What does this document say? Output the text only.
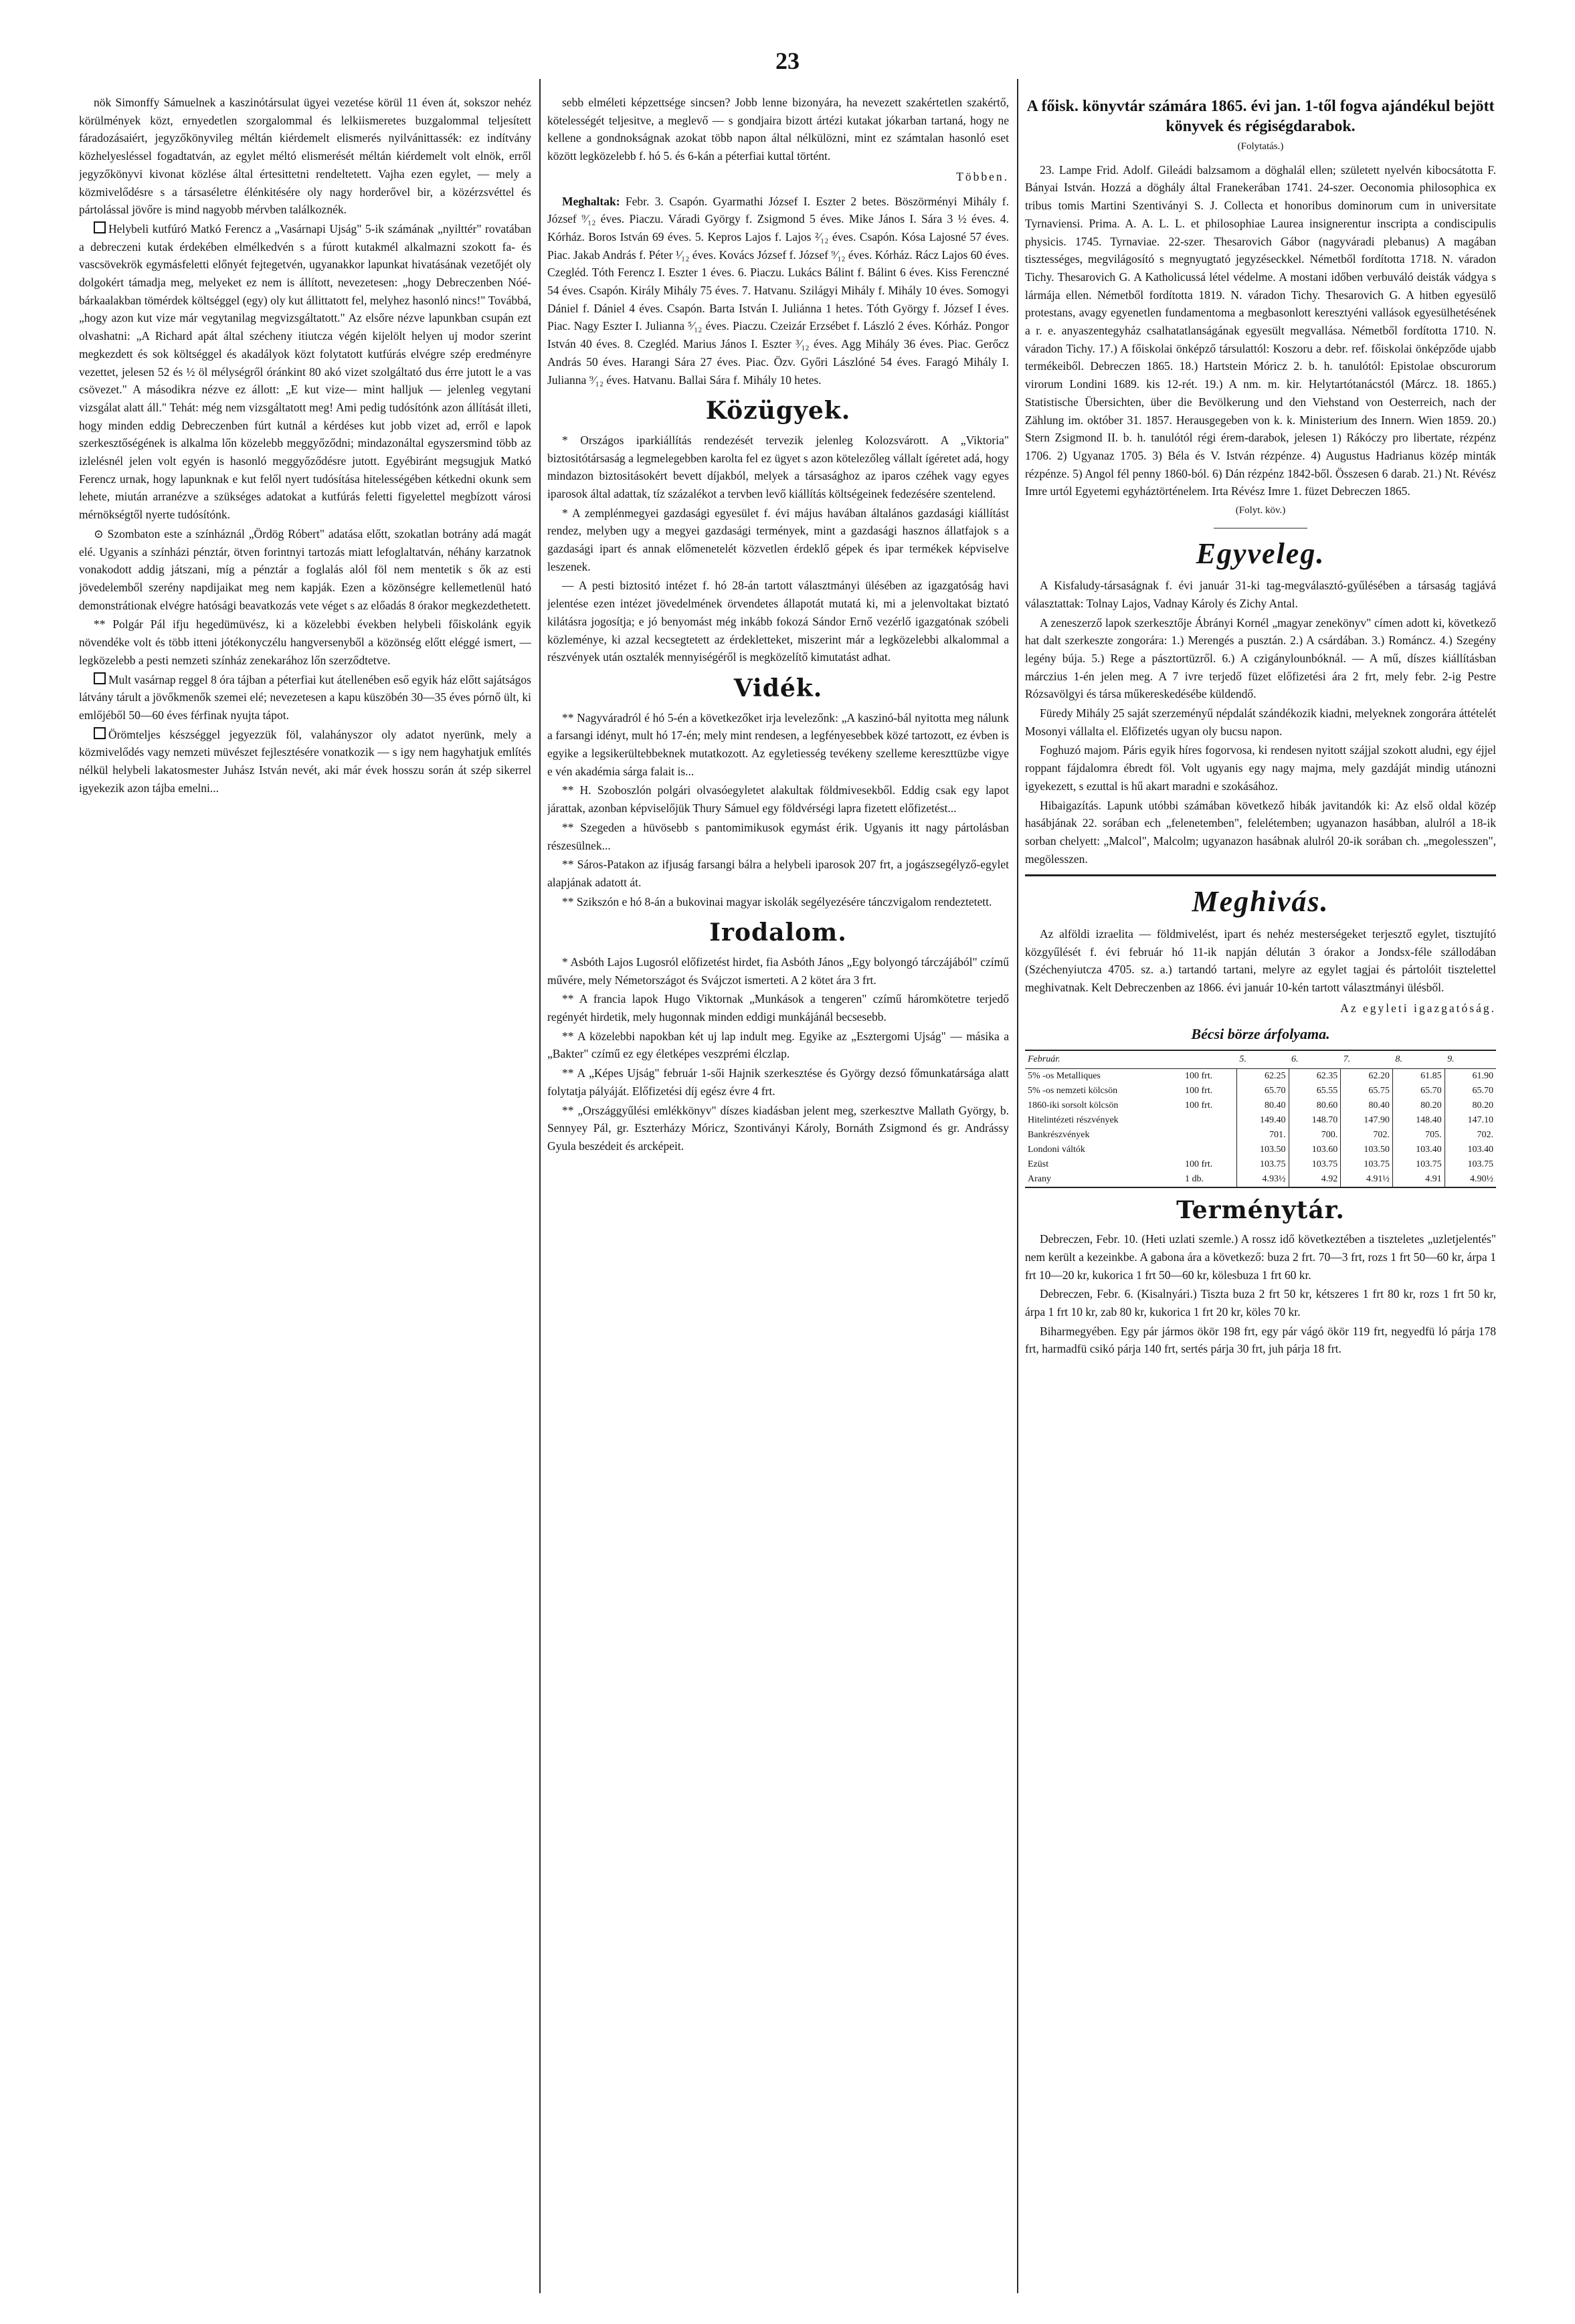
23

nök Simonffy Sámuelnek a kaszinótársulat ügyei vezetése körül 11 éven át, sokszor nehéz körülmények közt, ernyedetlen szorgalommal és lelkiismeretes buzgalommal teljesített fáradozásaiért, jegyzőkönyvileg méltán kiérdemelt elismerés nyilvánittassék: ez indítvány közhelyesléssel fogadtatván, az egylet méltó elismerését méltán kiérdemelt volt elnök, erről jegyzőkönyvi kivonat közlése által értesittetni rendeltetett. Vajha ezen egylet, — mely a közmivelődésre s a társaséletre élénkitésére oly nagy horderővel bir, a közérzsvéttel és pártolással jövőre is mind nagyobb mérvben találkoznék.

Helybeli kutfúró Matkó Ferencz a „Vasárnapi Ujság" 5-ik számának „nyilttér" rovatában a debreczeni kutak érdekében elmélkedvén s a fúrott kutakmél alkalmazni szokott fa- és vascsövekrök egymásfeletti előnyét fejtegetvén, ugyanakkor lapunkat hivatásának vezetőjét oly dolgokért támadja meg, melyeket ez nem is állított, nevezetesen: „hogy Debreczenben Nóé-bárkaalakban tömérdek költséggel (egy) oly kut állittatott fel, melyhez hasonló nincs!" Továbbá, „hogy azon kut vize már vegytanilag megvizsgáltatott." Az elsőre nézve lapunkban csupán ezt olvashatni: „A Richard apát által szécheny itiutcza végén kijelölt helyen uj modor szerint megkezdett és sok költséggel és akadályok közt folytatott kutfúrás elvégre szép eredményre vezettet, jelesen 52 és ½ öl mélységről óránkint 80 akó vizet szolgáltató dus érre jutott le a vas csövezet." A másodikra nézve ez állott: „E kut vize— mint halljuk — jelenleg vegytani vizsgálat alatt áll." Tehát: még nem vizsgáltatott meg! Ami pedig tudósítónk azon állítását illeti, hogy minden eddig Debreczenben fúrt kutnál a kérdéses kut jobb vizet ad, erről e lapok szerkesztőségének is alkalma lőn közelebb meggyőződni; mindazonáltal egyszersmind több az izlelésnél jelen volt egyén is hasonló meggyőződésre jutott. Egyébiránt megsugjuk Matkó Ferencz urnak, hogy lapunknak e kut felől nyert tudósítása hitelességében kétkedni okunk sem lehete, miután arranézve a szükséges adatokat a kutfúrás feletti figyelettel megbízott városi mérnökségtől nyerte tudósítónk.

⊙ Szombaton este a színháznál „Ördög Róbert" adatása előtt, szokatlan botrány adá magát elé. Ugyanis a színházi pénztár, ötven forintnyi tartozás miatt lefoglaltatván, néhány karzatnok vonakodott addig játszani, míg a pénztár a foglalás alól föl nem mentetik s ők az esti jövedelemből szerény napdijaikat meg nem kapják. Ezen a közönségre kellemetlenül ható demonstrátionak elvégre hatósági beavatkozás vete véget s az előadás 8 órakor megkezdethetett.

** Polgár Pál ifju hegedümüvész, ki a közelebbi években helybeli főiskolánk egyik növendéke volt és több itteni jótékonyczélu hangversenyből a közönség előtt eléggé ismert, — legközelebb a pesti nemzeti színház zenekarához lőn szerződtetve.

Mult vasárnap reggel 8 óra tájban a péterfiai kut átellenében eső egyik ház előtt sajátságos látvány tárult a jövőkmenők szemei elé; nevezetesen a kapu küszöbén 30—35 éves pórnő ült, ki emlőjéből 50—60 éves férfinak nyujta tápot.

Örömteljes készséggel jegyezzük föl, valahányszor oly adatot nyerünk, mely a közmivelődés vagy nemzeti müvészet fejlesztésére vonatkozik — s igy nem hagyhatjuk említés nélkül helybeli lakatosmester Juhász István nevét, aki már évek hosszu során át szép sikerrel igyekezik azon tájba emelni...

sebb elméleti képzettsége sincsen? Jobb lenne bizonyára, ha nevezett szakértetlen szakértő, kötelességét teljesitve, a meglevő — s gondjaira bizott ártézi kutakat jókarban tartaná, hogy ne kellene a gondnokságnak azokat több napon által nélkülözni, mint ez számtalan hasonló eset között legközelebb f. hó 5. és 6-kán a péterfiai kuttal történt.

Többen.

Meghaltak: Febr. 3. Csapón. Gyarmathi József I. Eszter 2 betes. Böszörményi Mihály f. József ⁹⁄₁₂ éves. Piaczu. Váradi György f. Zsigmond 5 éves. Mike János I. Sára 3 ½ éves. 4. Kórház. Boros István 69 éves. 5. Kepros Lajos f. Lajos ²⁄₁₂ éves. Csapón. Kósa Lajosné 57 éves. Piac. Jakab András f. Péter ¹⁄₁₂ éves. Kovács József f. József ⁹⁄₁₂ éves. Kórház. Rácz Lajos 60 éves. Czegléd. Tóth Ferencz I. Eszter 1 éves. 6. Piaczu. Lukács Bálint f. Bálint 6 éves. Kiss Ferenczné 54 éves. Csapón. Király Mihály 75 éves. 7. Hatvanu. Szilágyi Mihály f. Mihály 10 éves. Somogyi Dániel f. Dániel 4 éves. Csapón. Barta István I. Juliánna 1 hetes. Tóth György f. József I éves. Piac. Nagy Eszter I. Julianna ⁵⁄₁₂ éves. Piaczu. Czeizár Erzsébet f. László 2 éves. Kórház. Pongor István 40 éves. 8. Czegléd. Marius János I. Eszter ³⁄₁₂ éves. Agg Mihály 36 éves. Piac. Gerőcz András 50 éves. Harangi Sára 27 éves. Piac. Özv. Győri Lászlóné 54 éves. Faragó Mihály I. Julianna ⁹⁄₁₂ éves. Hatvanu. Ballai Sára f. Mihály 10 hetes.

Közügyek.

* Országos iparkiállítás rendezését tervezik jelenleg Kolozsvárott. A „Viktoria" biztositótársaság a legmelegebben karolta fel ez ügyet s azon kötelezőleg vállalt ígéretet adá, hogy mindazon biztositásokért bevett díjakból, melyek a társasághoz az iparos czéhek vagy egyes iparosok által adattak, tíz százalékot a tervben levő kiállítás költségeinek fedezésére szentelend.

* A zemplénmegyei gazdasági egyesület f. évi május havában általános gazdasági kiállítást rendez, melyben ugy a megyei gazdasági termények, mint a gazdasági hasznos állatfajok s a gazdasági ipart és annak előmenetelét közvetlen érdeklő gépek és ipar termékek képviselve leszenek.

— A pesti biztositó intézet f. hó 28-án tartott választmányi ülésében az igazgatóság havi jelentése ezen intézet jövedelmének örvendetes állapotát mutatá ki, mi a jelenvoltakat biztató kilátásra jogosítja; e jó benyomást még inkább fokozá Sándor Ernő vezérlő igazgatónak szóbeli közleménye, ki azzal kecsegtetett az érdekletteket, miszerint már a legközelebbi alkalommal a részvények után osztalék mennyiségéről is megközelítő kimutatást adhat.

Vidék.

** Nagyváradról é hó 5-én a következőket irja levelezőnk: „A kaszinó-bál nyitotta meg nálunk a farsangi idényt, mult hó 17-én; mely mint rendesen, a legfényesebbek közé tartozott, ez évben is egyike a legsikerültebbeknek mutatkozott. Az egyletiesség tevékeny szelleme kereszttüzbe vigye e vén akadémia sárga falait is...

** H. Szoboszlón polgári olvasóegyletet alakultak földmivesekből. Eddig csak egy lapot járattak, azonban képviselőjük Thury Sámuel egy földvérségi lapra fizetett előfizetést...

** Szegeden a hüvösebb s pantomimikusok egymást érik. Ugyanis itt nagy pártolásban részesülnek...

** Sáros-Patakon az ifjuság farsangi bálra a helybeli iparosok 207 frt, a jogászsegélyző-egylet alapjának adatott át.

** Szikszón e hó 8-án a bukovinai magyar iskolák segélyezésére tánczvigalom rendeztetett.

Irodalom.

* Asbóth Lajos Lugosról előfizetést hirdet, fia Asbóth János „Egy bolyongó tárczájából" czímű művére, mely Németországot és Svájczot ismerteti. A 2 kötet ára 3 frt.

** A francia lapok Hugo Viktornak „Munkások a tengeren" czímű háromkötetre terjedő regényét hirdetik, mely hugonnak minden eddigi munkájánál becsesebb.

** A közelebbi napokban két uj lap indult meg. Egyike az „Esztergomi Ujság" — másika a „Bakter" czímű ez egy életképes veszprémi élczlap.

** A „Képes Ujság" február 1-sői Hajnik szerkesztése és György dezsó főmunkatársága alatt folytatja pályáját. Előfizetési díj egész évre 4 frt.

** „Országgyűlési emlékkönyv" díszes kiadásban jelent meg, szerkesztve Mallath György, b. Sennyey Pál, gr. Eszterházy Móricz, Szontiványi Károly, Bornáth Zsigmond és gr. Andrássy Gyula beszédeit és arcképeit.

A főisk. könyvtár számára 1865. évi jan. 1-től fogva ajándékul bejött könyvek és régiségdarabok.
(Folytatás.)

23. Lampe Frid. Adolf. Gileádi balzsamom a döghalál ellen; született nyelvén kibocsátotta F. Bányai István. Hozzá a döghály által Franekerában 1741. 24-szer. Oeconomia philosophica ex tribus tomis Martini Szentiványi S. J. Collecta et honoribus dominorum cum in universitate Tyrnaviensi. Prima. A. A. L. L. et philosophiae Laurea insignerentur inscripta a condiscipulis physicis. 1745. Tyrnaviae. 22-szer. Thesarovich Gábor (nagyváradi plebanus) A magában tisztességes, megvilágosító s megnyugtató jegyzéseckkel. Németből fordította 1718. N. váradon Tichy. Thesarovich G. A Katholicussá létel védelme. A mostani időben verbuváló deisták vádgya s lármája ellen. Németből fordította 1819. N. váradon Tichy. Thesarovich G. A hitben egyesülő protestans, avagy egyenetlen fundamentoma a megbasonlott keresztyéni vallások egyesülhetésének a r. e. anyaszentegyház csalhatatlanságának egyesült megvallása. Németből fordította 1710. N. váradon Tichy. 17.) A főiskolai önképző társulattól: Koszoru a debr. ref. főiskolai önképződe ujabb termékeiből. Debreczen 1865. 18.) Hartstein Móricz 2. b. h. tanulótól: Epistolae obscurorum virorum Londini 1689. kis 12-rét. 19.) A nm. m. kir. Helytartótanácstól (Márcz. 18. 1865.) Statistische Übersichten, über die Bevölkerung und den Viehstand von Oesterreich, nach der Zählung im. október 31. 1857. Herausgegeben von k. k. Ministerium des Innern. Wien 1859. 20.) Stern Zsigmond II. b. h. tanulótól régi érem-darabok, jelesen 1) Rákóczy pro libertate, rézpénz 1706. 2) Ugyanaz 1705. 3) Béla és V. István rézpénze. 4) Augustus Hadrianus közép minták rézpénze. 5) Angol fél penny 1860-ból. 6) Dán rézpénz 1842-ből. Összesen 6 darab. 21.) Nt. Révész Imre urtól Egyetemi egyháztörténelem. Irta Révész Imre 1. füzet Debreczen 1865.

(Folyt. köv.)
Egyveleg.

A Kisfaludy-társaságnak f. évi január 31-ki tag-megválasztó-gyűlésében a társaság tagjává választattak: Tolnay Lajos, Vadnay Károly és Zichy Antal.

A zeneszerző lapok szerkesztője Ábrányi Kornél „magyar zenekönyv" címen adott ki, következő hat dalt szerkeszte zongorára: 1.) Merengés a pusztán. 2.) A csárdában. 3.) Románcz. 4.) Szegény legény búja. 5.) Rege a pásztortüzről. 6.) A czigánylounbóknál. — A mű, díszes kiállításban márczius 1-én jelen meg. A 7 ivre terjedő füzet előfizetési ára 2 frt, mely febr. 2-ig Pestre Rózsavölgyi és társa műkereskedésébe küldendő.

Füredy Mihály 25 saját szerzeményű népdalát szándékozik kiadni, melyeknek zongorára áttételét Mosonyi vállalta el. Előfizetés ugyan oly bucsu napon.

Foghuzó majom. Páris egyik híres fogorvosa, ki rendesen nyitott szájjal szokott aludni, egy éjjel roppant fájdalomra ébredt föl. Volt ugyanis egy nagy majma, mely gazdáját mindig utánozni igyekezett, s ezuttal is hű akart maradni e szokásához.

Hibaigazítás. Lapunk utóbbi számában következő hibák javitandók ki: Az első oldal közép hasábjának 22. sorában ech „felenetemben", felelétemben; ugyanazon hasábban, alulról a 18-ik sorban chelyett: „Malcol", Malcolm; ugyanazon hasábnak alulról 20-ik sorában ch. „megolesszen", megölesszen.

Meghivás.

Az alföldi izraelita — földmivelést, ipart és nehéz mesterségeket terjesztő egylet, tisztujító közgyűlését f. évi február hó 11-ik napján délután 3 órakor a Jondsx-féle szállodában (Széchenyiutcza 4705. sz. a.) tartandó tartani, melyre az egylet tagjai és pártolóit tisztelettel meghivatnak. Kelt Debreczenben az 1866. évi január 10-kén tartott választmányi ülésből.

Az egyleti igazgatóság.
Bécsi börze árfolyama.
Február.		5.	6.	7.	8.	9.
5% -os Metalliques	100 frt.	62.25	62.35	62.20	61.85	61.90
5% -os nemzeti kölcsön	100 frt.	65.70	65.55	65.75	65.70	65.70
1860-iki sorsolt kölcsön	100 frt.	80.40	80.60	80.40	80.20	80.20
Hitelintézeti részvények		149.40	148.70	147.90	148.40	147.10
Bankrészvények		701.	700.	702.	705.	702.
Londoni váltók		103.50	103.60	103.50	103.40	103.40
Ezüst	100 frt.	103.75	103.75	103.75	103.75	103.75
Arany	1 db.	4.93½	4.92	4.91½	4.91	4.90½
Terménytár.

Debreczen, Febr. 10. (Heti uzlati szemle.) A rossz idő következtében a tiszteletes „uzletjelentés" nem került a kezeinkbe. A gabona ára a következő: buza 2 frt. 70—3 frt, rozs 1 frt 50—60 kr, árpa 1 frt 10—20 kr, kukorica 1 frt 50—60 kr, kölesbuza 1 frt 60 kr.

Debreczen, Febr. 6. (Kisalnyári.) Tiszta buza 2 frt 50 kr, kétszeres 1 frt 80 kr, rozs 1 frt 50 kr, árpa 1 frt 10 kr, zab 80 kr, kukorica 1 frt 20 kr, köles 70 kr.

Biharmegyében. Egy pár jármos ökör 198 frt, egy pár vágó ökör 119 frt, negyedfü ló párja 178 frt, harmadfü csikó párja 140 frt, sertés párja 30 frt, juh párja 18 frt.
